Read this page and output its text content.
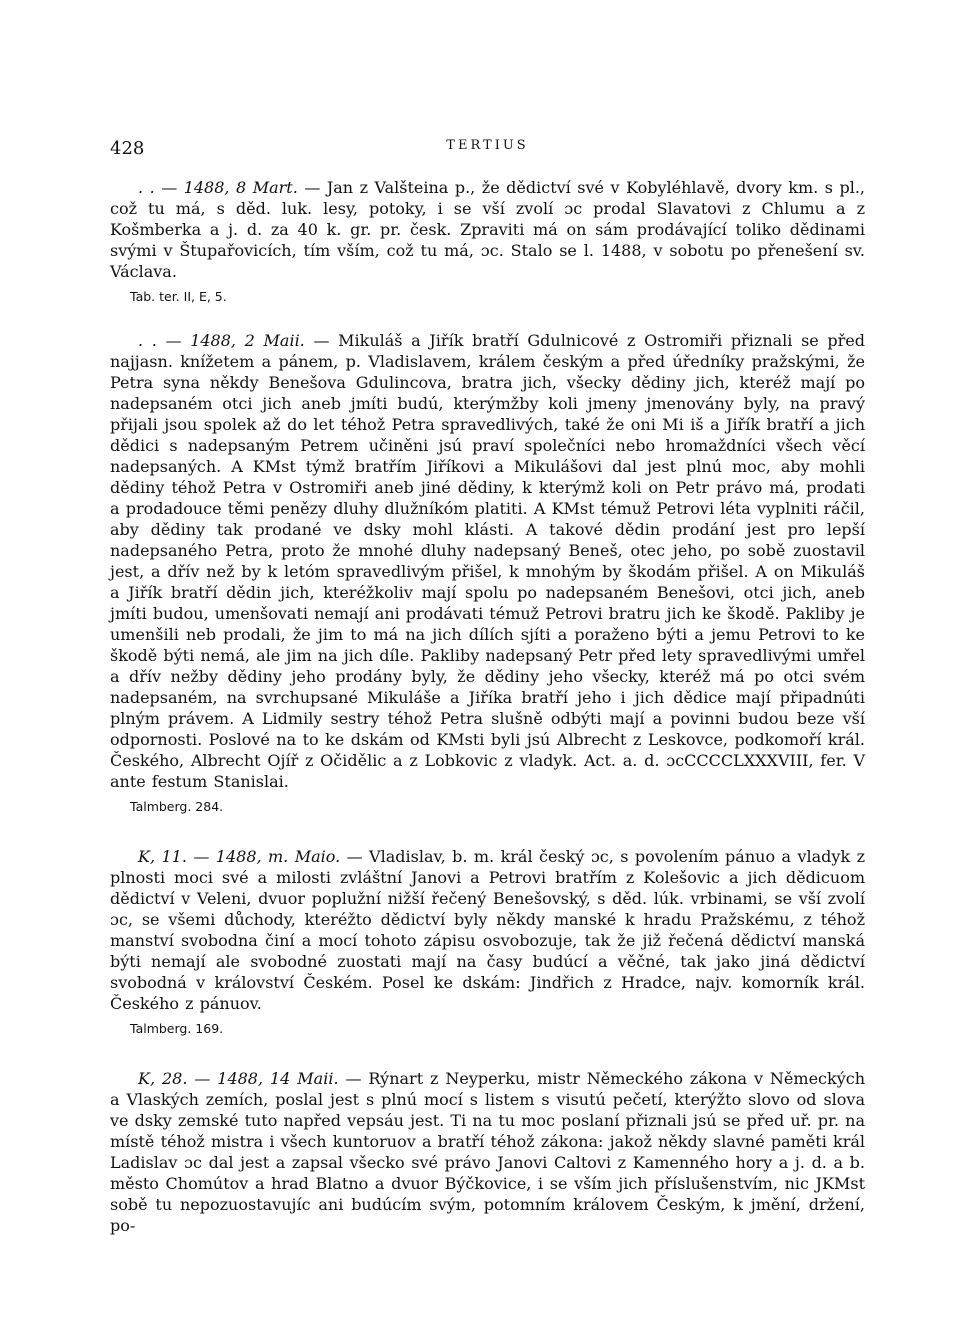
428	TERTIUS

. . — 1488, 8 Mart. — Jan z Valšteina p., že dědictví své v Kobyléhlavě, dvory km. s pl., což tu má, s děd. luk. lesy, potoky, i se vší zvolí ɔc prodal Slavatovi z Chlumu a z Košmberka a j. d. za 40 k. gr. pr. česk. Zpraviti má on sám prodávající toliko dědinami svými v Štupařovicích, tím vším, což tu má, ɔc. Stalo se l. 1488, v sobotu po přenešení sv. Václava.

Tab. ter. II, E, 5.

. . — 1488, 2 Maii. — Mikuláš a Jiřík bratří Gdulnicové z Ostromiři přiznali se před najjasn. knížetem a pánem, p. Vladislavem, králem českým a před úředníky pražskými, že Petra syna někdy Benešova Gdulincova, bratra jich, všecky dědiny jich, kteréž mají po nadepsaném otci jich aneb jmíti budú, kterýmžby koli jmeny jmenovány byly, na pravý přijali jsou spolek až do let téhož Petra spravedlivých, také že oni Mi iš a Jiřík bratří a jich dědici s nadepsaným Petrem učiněni jsú praví společníci nebo hromaždníci všech věcí nadepsaných. A KMst týmž bratřím Jiříkovi a Mikulášovi dal jest plnú moc, aby mohli dědiny téhož Petra v Ostromiři aneb jiné dědiny, k kterýmž koli on Petr právo má, prodati a prodadouce těmi penězy dluhy dlužníkóm platiti. A KMst témuž Petrovi léta vyplniti ráčil, aby dědiny tak prodané ve dsky mohl klásti. A takové dědin prodání jest pro lepší nadepsaného Petra, proto že mnohé dluhy nadepsaný Beneš, otec jeho, po sobě zuostavil jest, a dřív než by k letóm spravedlivým přišel, k mnohým by škodám přišel. A on Mikuláš a Jiřík bratří dědin jich, kteréžkoliv mají spolu po nadepsaném Benešovi, otci jich, aneb jmíti budou, umenšovati nemají ani prodávati témuž Petrovi bratru jich ke škodě. Pakliby je umenšili neb prodali, že jim to má na jich dílích sjíti a poraženo býti a jemu Petrovi to ke škodě býti nemá, ale jim na jich díle. Pakliby nadepsaný Petr před lety spravedlivými umřel a dřív nežby dědiny jeho prodány byly, že dědiny jeho všecky, kteréž má po otci svém nadepsaném, na svrchupsané Mikuláše a Jiříka bratří jeho i jich dědice mají připadnúti plným právem. A Lidmily sestry téhož Petra slušně odbýti mají a povinni budou beze vší odpornosti. Poslové na to ke dskám od KMsti byli jsú Albrecht z Leskovce, podkomoří král. Českého, Albrecht Ojíř z Očidělic a z Lobkovic z vladyk. Act. a. d. ɔcCCCCLXXXVIII, fer. V ante festum Stanislai.

Talmberg. 284.

K, 11. — 1488, m. Maio. — Vladislav, b. m. král český ɔc, s povolením pánuo a vladyk z plnosti moci své a milosti zvláštní Janovi a Petrovi bratřím z Kolešovic a jich dědicuom dědictví v Veleni, dvuor poplužní nižší řečený Benešovský, s děd. lúk. vrbinami, se vší zvolí ɔc, se všemi důchody, kteréžto dědictví byly někdy manské k hradu Pražskému, z téhož manství svobodna činí a mocí tohoto zápisu osvobozuje, tak že již řečená dědictví manská býti nemají ale svobodné zuostati mají na časy budúcí a věčné, tak jako jiná dědictví svobodná v království Českém. Posel ke dskám: Jindřich z Hradce, najv. komorník král. Českého z pánuov.

Talmberg. 169.

K, 28. — 1488, 14 Maii. — Rýnart z Neyperku, mistr Německého zákona v Německých a Vlaských zemích, poslal jest s plnú mocí s listem s visutú pečetí, kterýžto slovo od slova ve dsky zemské tuto napřed vepsáu jest. Ti na tu moc poslaní přiznali jsú se před uř. pr. na místě téhož mistra i všech kuntoruov a bratří téhož zákona: jakož někdy slavné paměti král Ladislav ɔc dal jest a zapsal všecko své právo Janovi Caltovi z Kamenného hory a j. d. a b. město Chomútov a hrad Blatno a dvuor Býčkovice, i se vším jich příslušenstvím, nic JKMst sobě tu nepozuostavujíc ani budúcím svým, potomním královem Českým, k jmění, držení, po-
